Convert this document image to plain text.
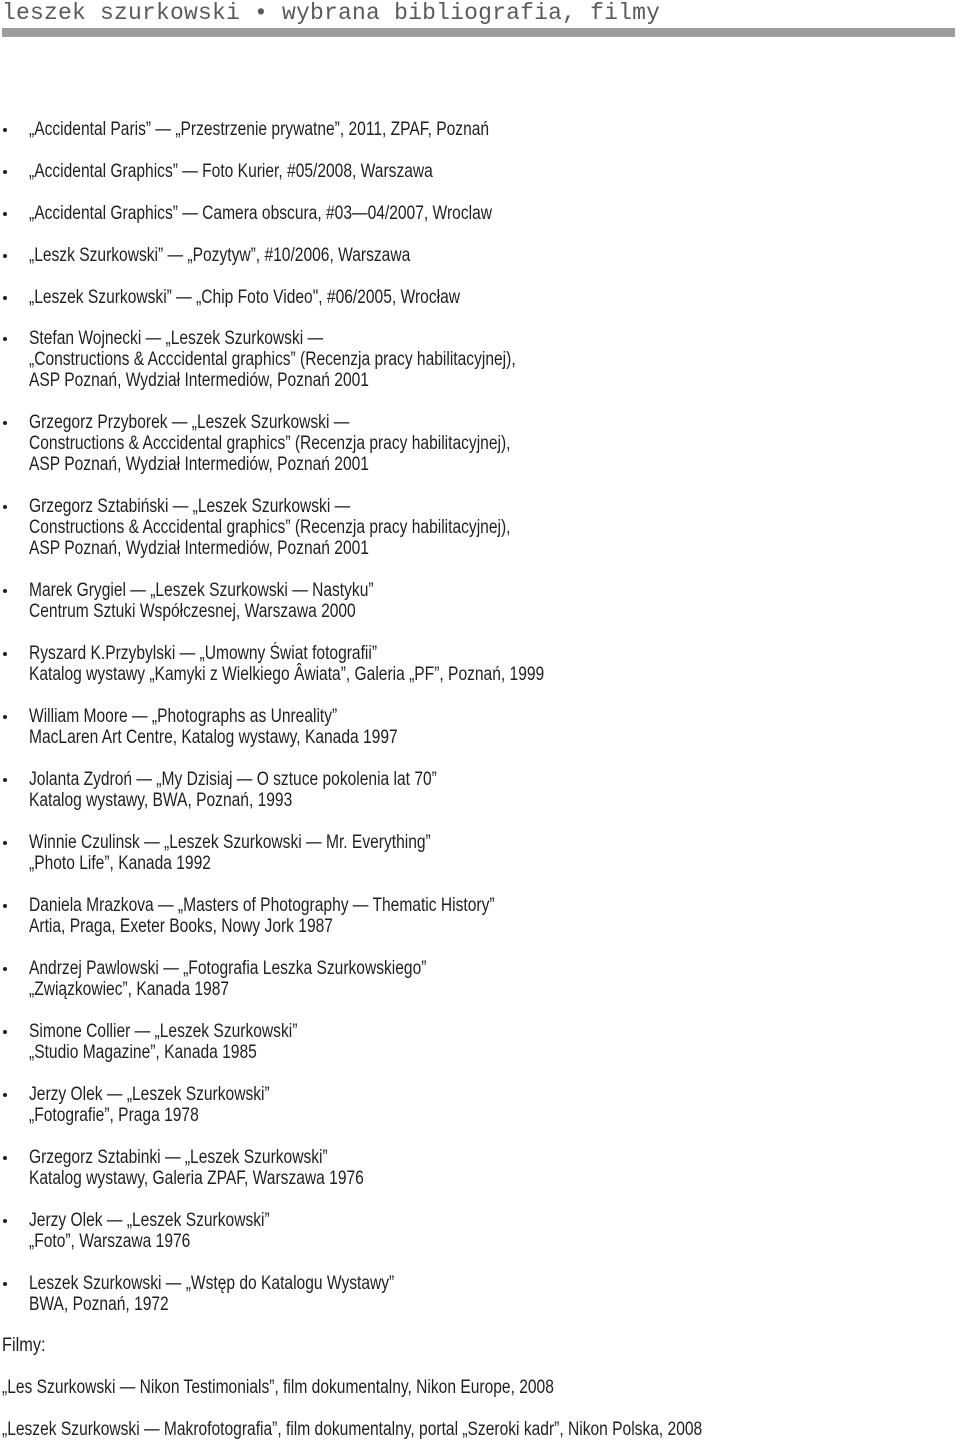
leszek szurkowski • wybrana bibliografia, filmy
„Accidental Paris” — „Przestrzenie prywatne”, 2011, ZPAF, Poznań
„Accidental Graphics” — Foto Kurier, #05/2008, Warszawa
„Accidental Graphics” — Camera obscura, #03—04/2007, Wroclaw
„Leszk Szurkowski” — „Pozytyw”, #10/2006, Warszawa
„Leszek Szurkowski” — „Chip Foto Video", #06/2005, Wrocław
Stefan Wojnecki — „Leszek Szurkowski —
„Constructions & Acccidental graphics” (Recenzja pracy habilitacyjnej),
ASP Poznań, Wydział Intermediów, Poznań 2001
Grzegorz Przyborek — „Leszek Szurkowski —
Constructions & Acccidental graphics” (Recenzja pracy habilitacyjnej),
ASP Poznań, Wydział Intermediów, Poznań 2001
Grzegorz Sztabiński — „Leszek Szurkowski —
Constructions & Acccidental graphics” (Recenzja pracy habilitacyjnej),
ASP Poznań, Wydział Intermediów, Poznań 2001
Marek Grygiel — „Leszek Szurkowski — Nastyku”
Centrum Sztuki Współczesnej, Warszawa 2000
Ryszard K.Przybylski — „Umowny Świat fotografii”
Katalog wystawy „Kamyki z Wielkiego Âwiata”, Galeria „PF”, Poznań, 1999
William Moore — „Photographs as Unreality”
MacLaren Art Centre, Katalog wystawy, Kanada 1997
Jolanta Zydroń — „My Dzisiaj — O sztuce pokolenia lat 70”
Katalog wystawy, BWA, Poznań, 1993
Winnie Czulinsk — „Leszek Szurkowski — Mr. Everything”
„Photo Life”, Kanada 1992
Daniela Mrazkova — „Masters of Photography — Thematic History”
Artia, Praga, Exeter Books, Nowy Jork 1987
Andrzej Pawlowski — „Fotografia Leszka Szurkowskiego”
„Związkowiec”, Kanada 1987
Simone Collier — „Leszek Szurkowski”
„Studio Magazine”, Kanada 1985
Jerzy Olek — „Leszek Szurkowski”
„Fotografie”, Praga 1978
Grzegorz Sztabinki — „Leszek Szurkowski”
Katalog wystawy, Galeria ZPAF, Warszawa 1976
Jerzy Olek — „Leszek Szurkowski”
„Foto”, Warszawa 1976
Leszek Szurkowski — „Wstęp do Katalogu Wystawy”
BWA, Poznań, 1972
Filmy:
„Les Szurkowski — Nikon Testimonials”, film dokumentalny, Nikon Europe, 2008
„Leszek Szurkowski — Makrofotografia”, film dokumentalny, portal „Szeroki kadr”, Nikon Polska, 2008
